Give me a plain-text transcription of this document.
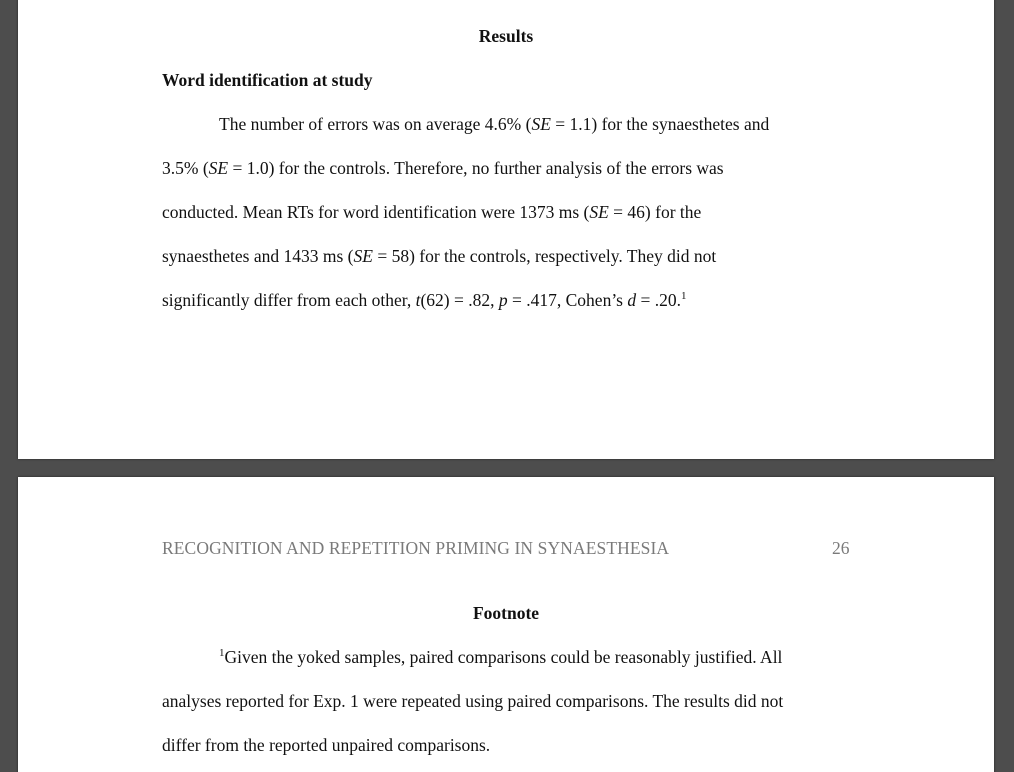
Results
Word identification at study
The number of errors was on average 4.6% (SE = 1.1) for the synaesthetes and
3.5% (SE = 1.0) for the controls. Therefore, no further analysis of the errors was
conducted. Mean RTs for word identification were 1373 ms (SE = 46) for the
synaesthetes and 1433 ms (SE = 58) for the controls, respectively. They did not
significantly differ from each other, t(62) = .82, p = .417, Cohen’s d = .20.$^1$
RECOGNITION AND REPETITION PRIMING IN SYNAESTHESIA	26
Footnote
$^1$Given the yoked samples, paired comparisons could be reasonably justified. All
analyses reported for Exp. 1 were repeated using paired comparisons. The results did not
differ from the reported unpaired comparisons.
